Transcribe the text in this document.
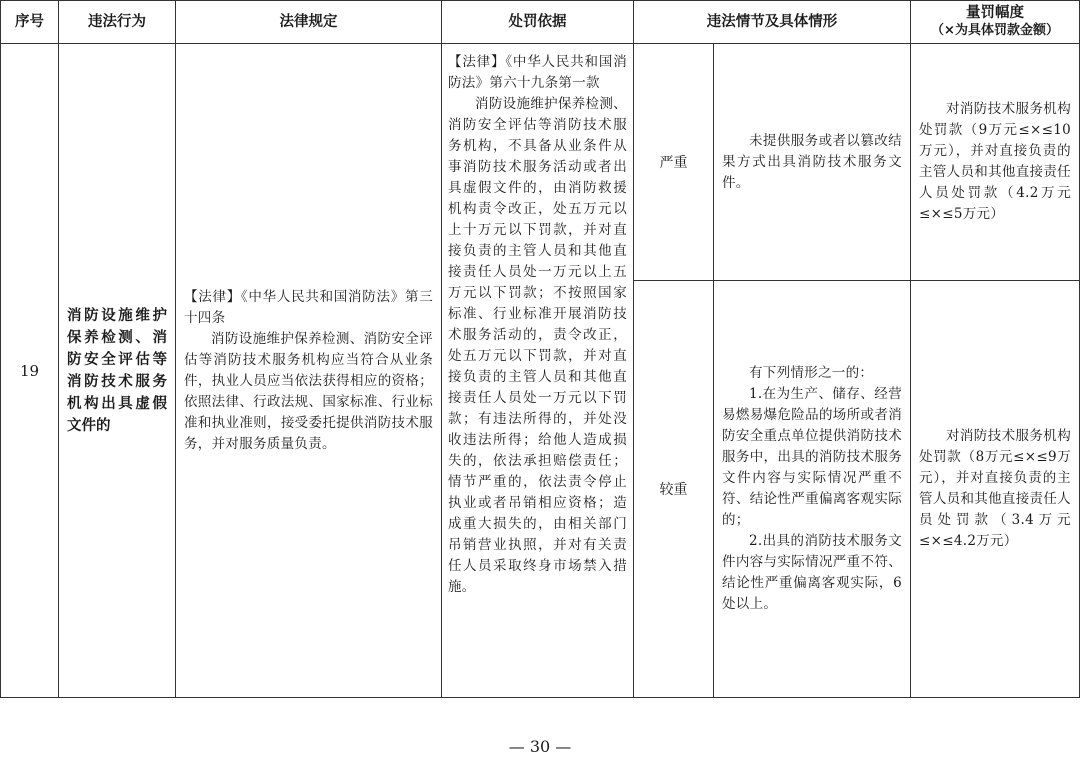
序号	违法行为	法律规定	处罚依据	违法情节及具体情形		量罚幅度
（×为具体罚款金额）

19	消防设施维护保养检测、消防安全评估等消防技术服务机构出具虚假文件的	【法律】《中华人民共和国消防法》第三十四条
消防设施维护保养检测、消防安全评估等消防技术服务机构应当符合从业条件，执业人员应当依法获得相应的资格；依照法律、行政法规、国家标准、行业标准和执业准则，接受委托提供消防技术服务，并对服务质量负责。	【法律】《中华人民共和国消防法》第六十九条第一款
消防设施维护保养检测、消防安全评估等消防技术服务机构，不具备从业条件从事消防技术服务活动或者出具虚假文件的，由消防救援机构责令改正，处五万元以上十万元以下罚款，并对直接负责的主管人员和其他直接责任人员处一万元以上五万元以下罚款；不按照国家标准、行业标准开展消防技术服务活动的，责令改正，处五万元以下罚款，并对直接负责的主管人员和其他直接责任人员处一万元以下罚款；有违法所得的，并处没收违法所得；给他人造成损失的，依法承担赔偿责任；情节严重的，依法责令停止执业或者吊销相应资格；造成重大损失的，由相关部门吊销营业执照，并对有关责任人员采取终身市场禁入措施。	严重	未提供服务或者以篡改结果方式出具消防技术服务文件。	对消防技术服务机构处罚款（9万元≤×≤10万元），并对直接负责的主管人员和其他直接责任人员处罚款（4.2万元≤×≤5万元）

				较重	有下列情形之一的：
1.在为生产、储存、经营易燃易爆危险品的场所或者消防安全重点单位提供消防技术服务中，出具的消防技术服务文件内容与实际情况严重不符、结论性严重偏离客观实际的；
2.出具的消防技术服务文件内容与实际情况严重不符、结论性严重偏离客观实际，6处以上。	对消防技术服务机构处罚款（8万元≤×≤9万元），并对直接负责的主管人员和其他直接责任人员处罚款（3.4万元≤×≤4.2万元）
— 30 —
